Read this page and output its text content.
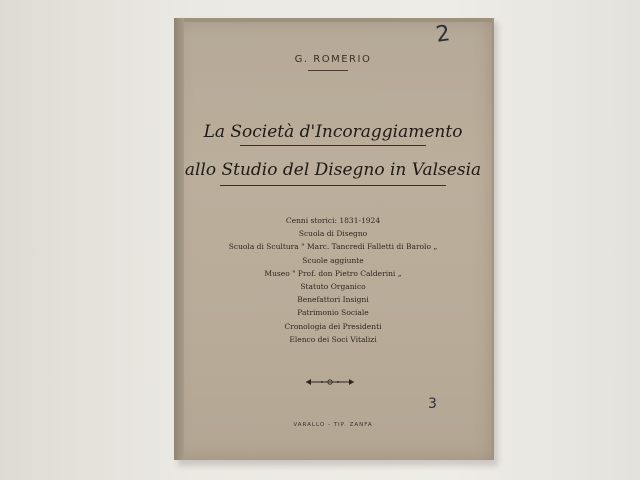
2
3
G. ROMERIO
La Società d'Incoraggiamento
allo Studio del Disegno in Valsesia
Cenni storici: 1831-1924
Scuola di Disegno
Scuola di Scultura " Marc. Tancredi Falletti di Barolo „
Scuole aggiunte
Museo " Prof. don Pietro Calderini „
Statuto Organico
Benefattori Insigni
Patrimonio Sociale
Cronologia dei Presidenti
Elenco dei Soci Vitalizi
VARALLO - TIP. ZANFA
